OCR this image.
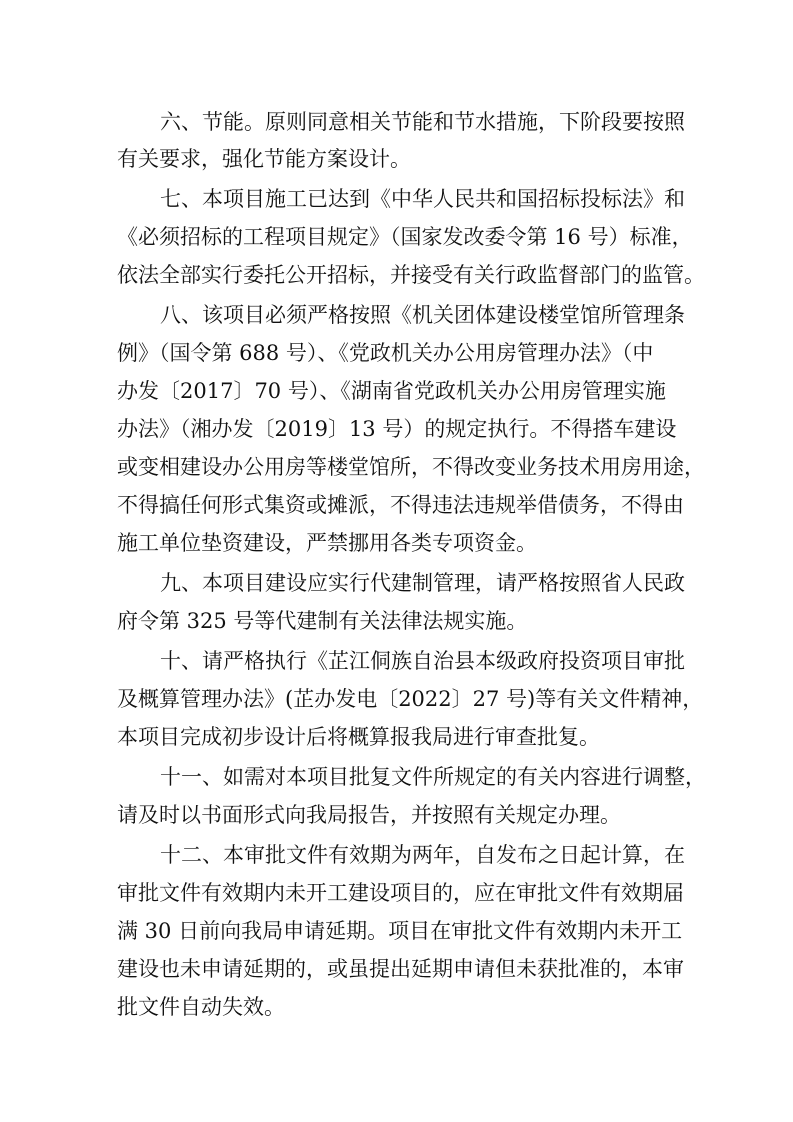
六、节能。原则同意相关节能和节水措施，下阶段要按照
有关要求，强化节能方案设计。
七、本项目施工已达到《中华人民共和国招标投标法》和
《必须招标的工程项目规定》（国家发改委令第 16 号）标准，
依法全部实行委托公开招标，并接受有关行政监督部门的监管。
八、该项目必须严格按照《机关团体建设楼堂馆所管理条
例》（国令第 688 号）、《党政机关办公用房管理办法》（中
办发〔2017〕70 号）、《湖南省党政机关办公用房管理实施
办法》（湘办发〔2019〕13 号）的规定执行。不得搭车建设
或变相建设办公用房等楼堂馆所，不得改变业务技术用房用途，
不得搞任何形式集资或摊派，不得违法违规举借债务，不得由
施工单位垫资建设，严禁挪用各类专项资金。
九、本项目建设应实行代建制管理，请严格按照省人民政
府令第 325 号等代建制有关法律法规实施。
十、请严格执行《芷江侗族自治县本级政府投资项目审批
及概算管理办法》(芷办发电〔2022〕27 号)等有关文件精神，
本项目完成初步设计后将概算报我局进行审查批复。
十一、如需对本项目批复文件所规定的有关内容进行调整，
请及时以书面形式向我局报告，并按照有关规定办理。
十二、本审批文件有效期为两年，自发布之日起计算，在
审批文件有效期内未开工建设项目的，应在审批文件有效期届
满 30 日前向我局申请延期。项目在审批文件有效期内未开工
建设也未申请延期的，或虽提出延期申请但未获批准的，本审
批文件自动失效。
